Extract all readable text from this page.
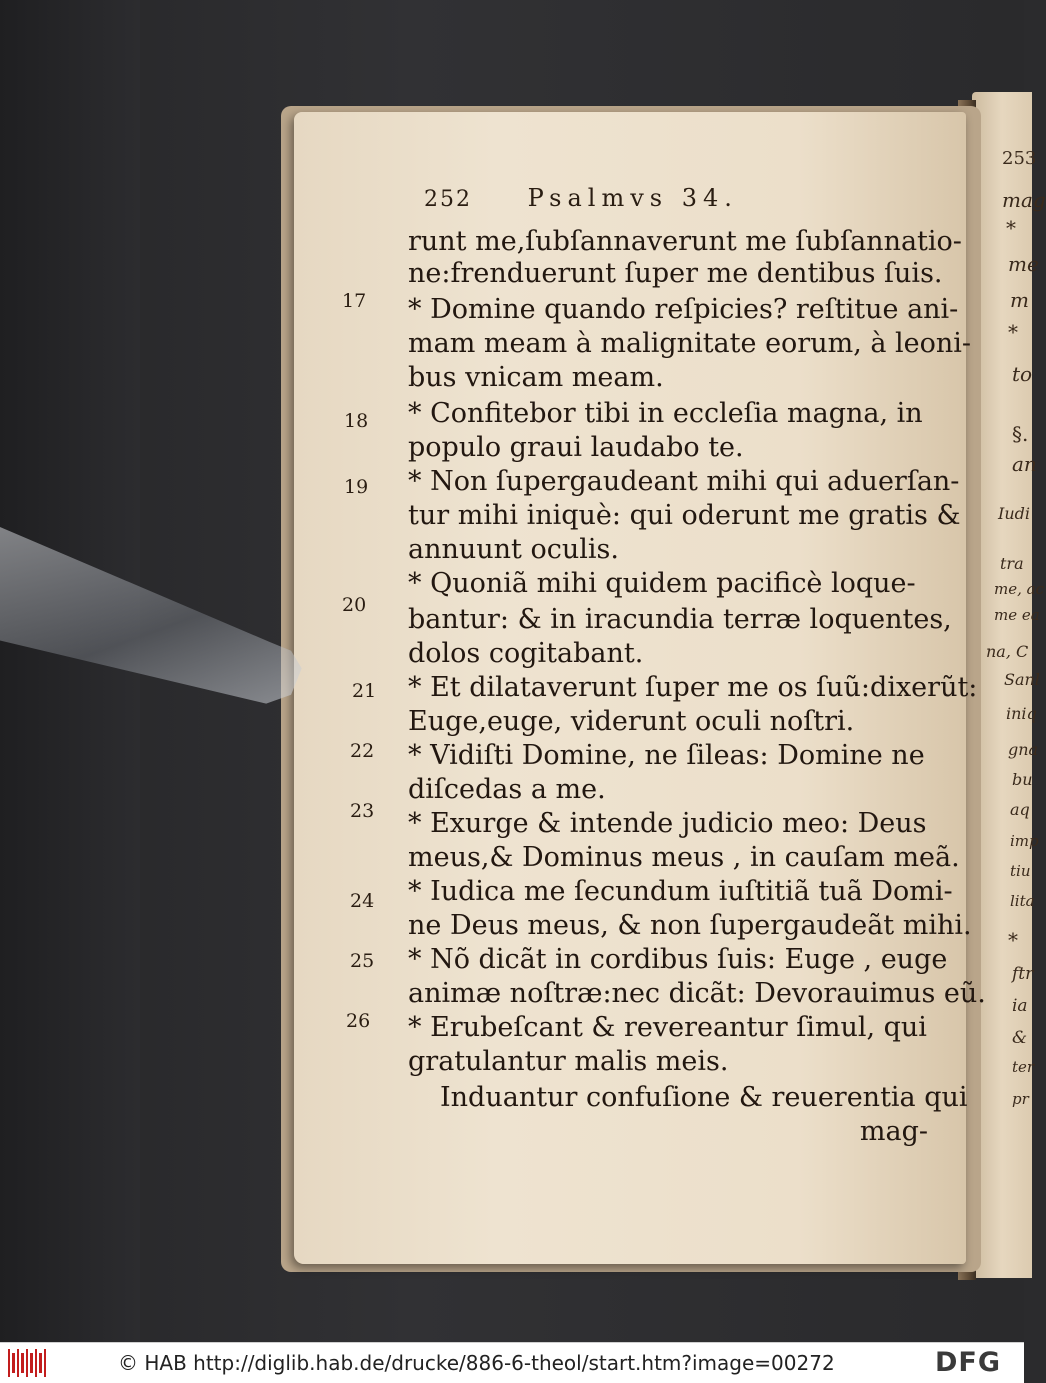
253
mag
*
me
m
*
to
§.
an
Iudi
tra
me, ac
me ea
na, C
Sanl
iniq
gna
bu
aq
imp
tiu
lita
*
ftr
ia
&
ter
pr
252 Psalmvs 34.
17
18
19
20
21
22
23
24
25
26
runt me,ſubſannaverunt me ſubſannatio-
ne:frenduerunt ſuper me dentibus ſuis.
* Domine quando reſpicies? reſtitue ani-
mam meam à malignitate eorum, à leoni-
bus vnicam meam.
* Confitebor tibi in eccleſia magna, in
populo graui laudabo te.
* Non ſupergaudeant mihi qui aduerſan-
tur mihi iniquè: qui oderunt me gratis &
annuunt oculis.
* Quoniã mihi quidem pacificè loque-
bantur: & in iracundia terræ loquentes,
dolos cogitabant.
* Et dilataverunt ſuper me os ſuũ:dixerũt:
Euge,euge, viderunt oculi noſtri.
* Vidiſti Domine, ne ſileas: Domine ne
diſcedas a me.
* Exurge & intende judicio meo: Deus
meus,& Dominus meus , in cauſam meã.
* Iudica me ſecundum iuſtitiã tuã Domi-
ne Deus meus, & non ſupergaudeãt mihi.
* Nõ dicãt in cordibus ſuis: Euge , euge
animæ noſtræ:nec dicãt: Devorauimus eũ.
* Erubeſcant & revereantur ſimul, qui
gratulantur malis meis.
Induantur confuſione & reuerentia qui
mag-
© HAB http://diglib.hab.de/drucke/886-6-theol/start.htm?image=00272	DFG
